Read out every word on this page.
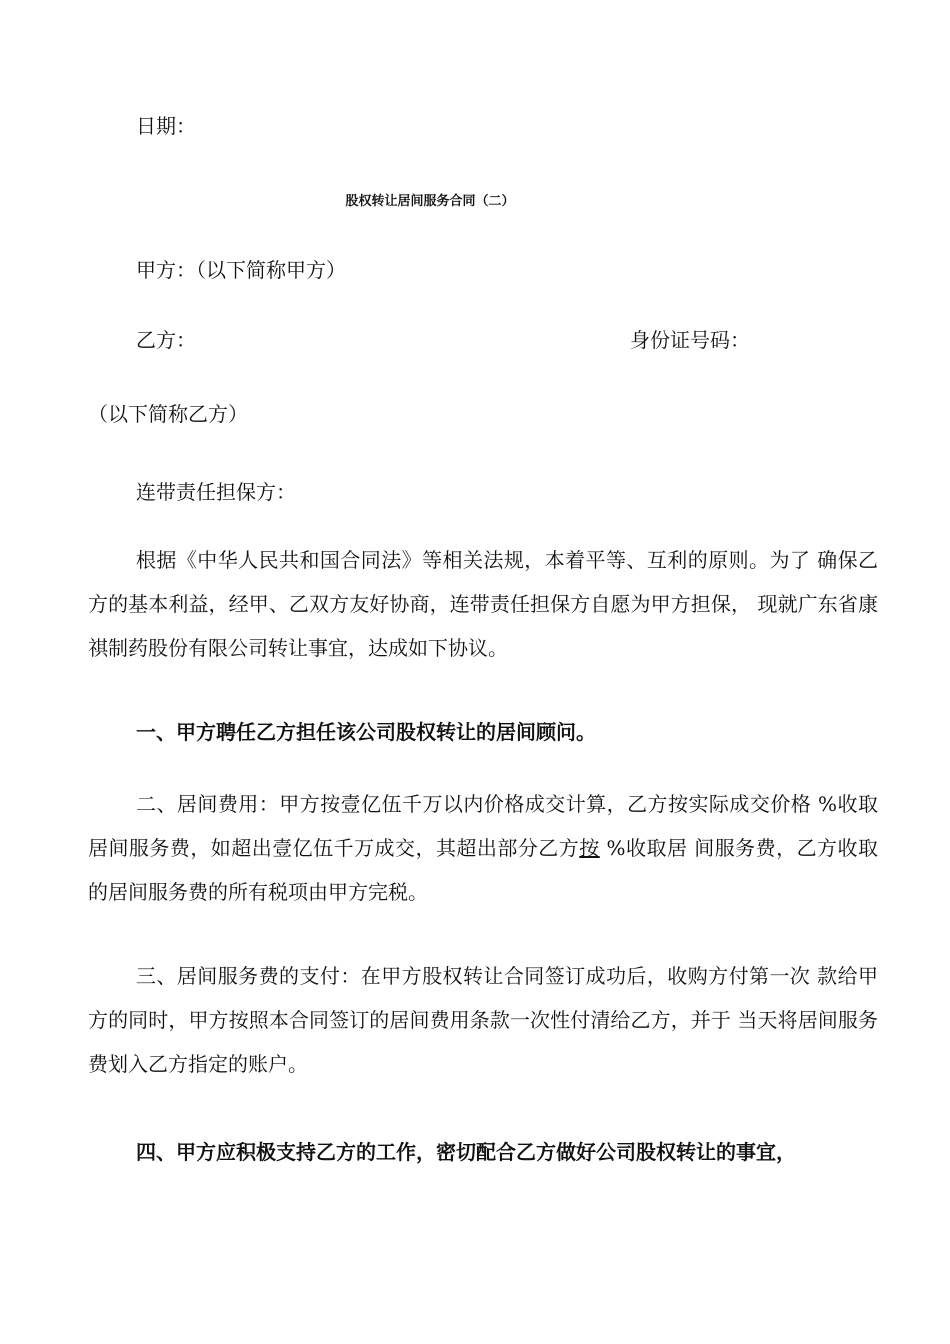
日期：
股权转让居间服务合同（二）
甲方：（以下简称甲方）
乙方：	身份证号码：
（以下简称乙方）
连带责任担保方：
根据《中华人民共和国合同法》等相关法规，本着平等、互利的原则。为了 确保乙方的基本利益，经甲、乙双方友好协商，连带责任担保方自愿为甲方担保， 现就广东省康祺制药股份有限公司转让事宜，达成如下协议。
一、甲方聘任乙方担任该公司股权转让的居间顾问。
二、居间费用：甲方按壹亿伍千万以内价格成交计算，乙方按实际成交价格 %收取居间服务费，如超出壹亿伍千万成交，其超出部分乙方按 %收取居 间服务费，乙方收取的居间服务费的所有税项由甲方完税。
三、居间服务费的支付：在甲方股权转让合同签订成功后，收购方付第一次 款给甲方的同时，甲方按照本合同签订的居间费用条款一次性付清给乙方，并于 当天将居间服务费划入乙方指定的账户。
四、甲方应积极支持乙方的工作，密切配合乙方做好公司股权转让的事宜，
